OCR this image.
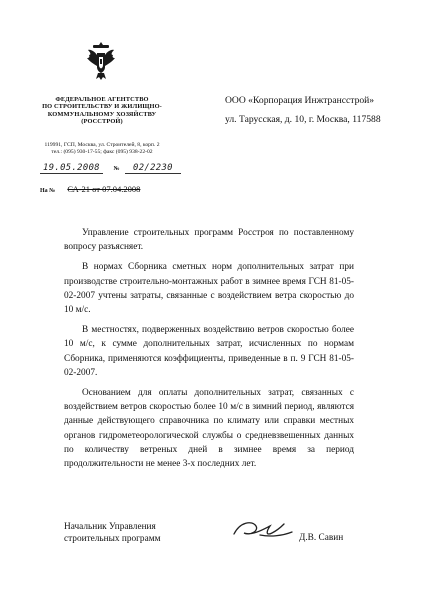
ФЕДЕРАЛЬНОЕ АГЕНТСТВО
ПО СТРОИТЕЛЬСТВУ И ЖИЛИЩНО-
КОММУНАЛЬНОМУ ХОЗЯЙСТВУ
(РОССТРОЙ)
119991, ГСП, Москва, ул. Строителей, 8, корп. 2
тел.: (095) 930-17-55; факс (095) 938-22-02
19.05.2008 № 02/2230
На № СА-21 от 07.04.2008
ООО «Корпорация Инжтрансстрой»
ул. Тарусская, д. 10, г. Москва, 117588

Управление строительных программ Росстроя по поставленному вопросу разъясняет.

В нормах Сборника сметных норм дополнительных затрат при производстве строительно-монтажных работ в зимнее время ГСН 81-05-02-2007 учтены затраты, связанные с воздействием ветра скоростью до 10 м/с.

В местностях, подверженных воздействию ветров скоростью более 10 м/с, к сумме дополнительных затрат, исчисленных по нормам Сборника, применяются коэффициенты, приведенные в п. 9 ГСН 81-05-02-2007.

Основанием для оплаты дополнительных затрат, связанных с воздействием ветров скоростью более 10 м/с в зимний период, являются данные действующего справочника по климату или справки местных органов гидрометеорологической службы о средневзвешенных данных по количеству ветреных дней в зимнее время за период продолжительности не менее 3-х последних лет.

Начальник Управления
строительных программ	Д.В. Савин
